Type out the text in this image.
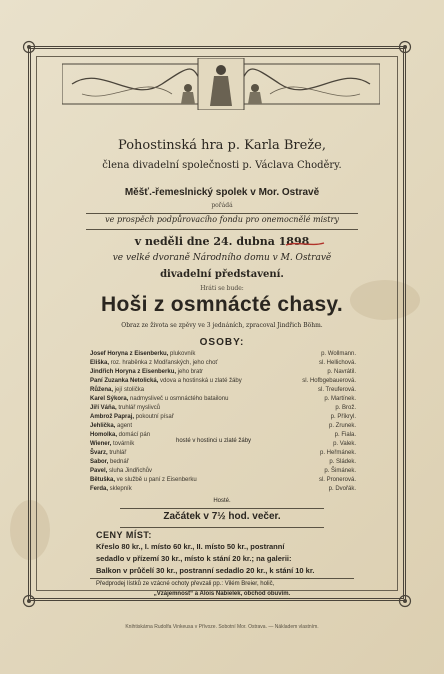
Pohostinská hra p. Karla Breže,
člena divadelní společnosti p. Václava Choděry.
Měšť.-řemeslnický spolek v Mor. Ostravě
pořádá
ve prospěch podpůrovacího fondu pro onemocnělé mistry
v neděli dne 24. dubna 1898
ve velké dvoraně Národního domu v M. Ostravě
divadelní představení.
Hráti se bude:
Hoši z osmnácté chasy.
Obraz ze života se zpěvy ve 3 jednáních, zpracoval Jindřich Böhm.
OSOBY:
Josef Horyna z Eisenberku, plukovník	p. Wollmann.
Eliška, roz. hraběnka z Modřanských, jeho choť	sl. Hellichová.
Jindřich Horyna z Eisenberku, jeho bratr	p. Navrátil.
Paní Zuzanka Netolická, vdova a hostinská u zlaté žáby	sl. Hofbgebauerová.
Růžena, její stolička	sl. Treuferová.
Karel Sýkora, nadmysliveč u osmnáctého batailonu	p. Martínek.
Jiří Váňa, truhlář myslivců	p. Brož.
Ambrož Papraj, pokoutní písař	p. Příkryl.
Jehlička, agent	p. Zrunek.
Homolka, domácí pán	p. Fiala.
Wiener, továrník	p. Valek.
Švarz, truhlář	p. Heřmánek.
Sabor, bednář	p. Sládek.
Pavel, sluha Jindřichův	p. Šimánek.
Bětuška, ve službě u paní z Eisenberku	sl. Pronerová.
Ferda, sklepník	p. Dvořák.
hosté v hostinci u zlaté žáby
Hosté.
Začátek v 7½ hod. večer.
CENY MÍST:
Křeslo 80 kr., I. místo 60 kr., II. místo 50 kr., postranní
sedadlo v přízemí 30 kr., místo k stání 20 kr.; na galerii:
Balkon v průčelí 30 kr., postranní sedadlo 20 kr., k stání 10 kr.
Předprodej lístků ze vzácné ochoty převzali pp.: Vilém Breier, holič,
„Vzájemnost“ a Alois Nabielek, obchod obuvím.
Knihtiskárna Rudolfa Vinkeusa v Přívoze. Sobotní Mor. Ostrava. — Nákladem vlastním.
